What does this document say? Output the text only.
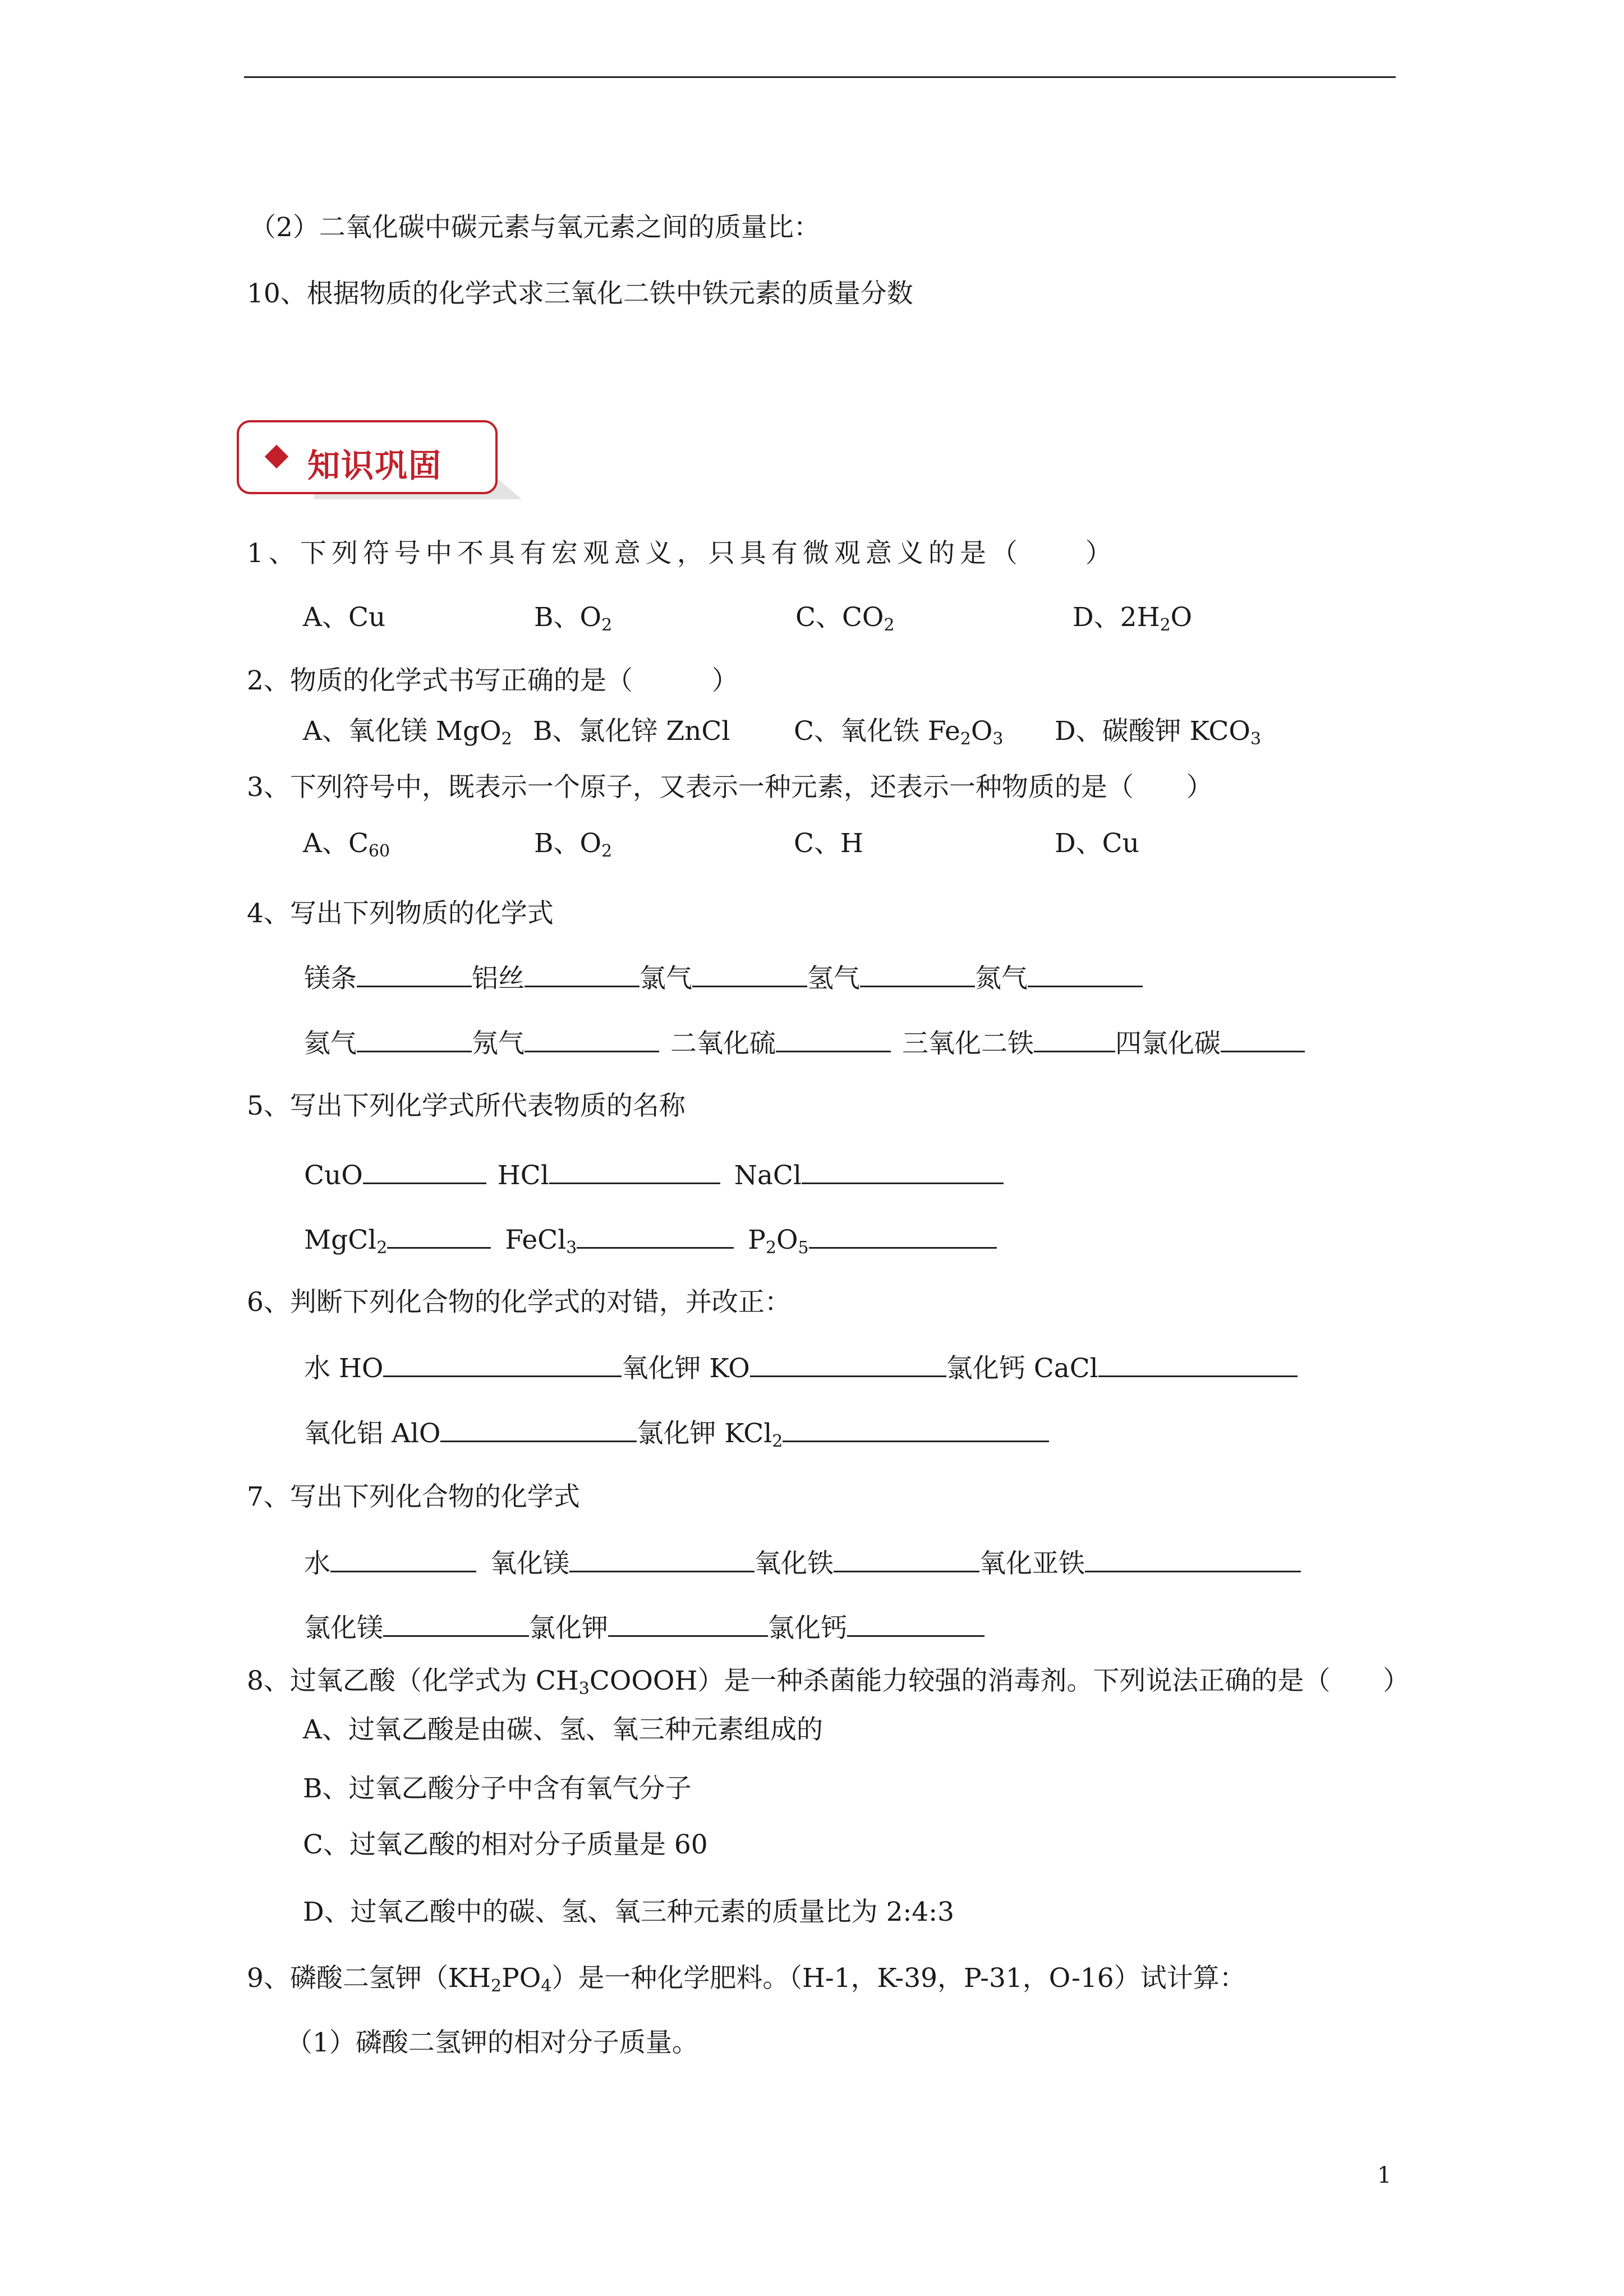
（2）二氧化碳中碳元素与氧元素之间的质量比：
10、根据物质的化学式求三氧化二铁中铁元素的质量分数
知识巩固
1、下列符号中不具有宏观意义，只具有微观意义的是（　　）
A、Cu	B、$O_2$	C、$CO_2$	D、$2H_2O$
2、物质的化学式书写正确的是（　　　）
A、氧化镁 MgO$_2$ B、氯化锌 ZnCl C、氧化铁 $Fe_2O_3$ D、碳酸钾 $KCO_3$
3、下列符号中，既表示一个原子，又表示一种元素，还表示一种物质的是（　　）
A、$C_{60}$	B、$O_2$	C、H	D、Cu
4、写出下列物质的化学式
镁条	铝丝	氯气	氢气	氮气
氦气	氖气	二氧化硫	三氧化二铁	四氯化碳
5、写出下列化学式所代表物质的名称
CuO	HCl	NaCl
MgCl$_2$	FeCl$_3$	$P_2O_5$
6、判断下列化合物的化学式的对错，并改正：
水 HO	氧化钾 KO	氯化钙 CaCl
氧化铝 AlO	氯化钾 KCl$_2$
7、写出下列化合物的化学式
水	氧化镁	氧化铁	氧化亚铁
氯化镁	氯化钾	氯化钙
8、过氧乙酸（化学式为 $CH_3COOOH$）是一种杀菌能力较强的消毒剂。下列说法正确的是（　　）
A、过氧乙酸是由碳、氢、氧三种元素组成的
B、过氧乙酸分子中含有氧气分子
C、过氧乙酸的相对分子质量是 60
D、过氧乙酸中的碳、氢、氧三种元素的质量比为 2:4:3
9、磷酸二氢钾$(KH_2PO_4)$是一种化学肥料。（H-1，K-39，P-31，O-16）试计算：
（1）磷酸二氢钾的相对分子质量。
1
